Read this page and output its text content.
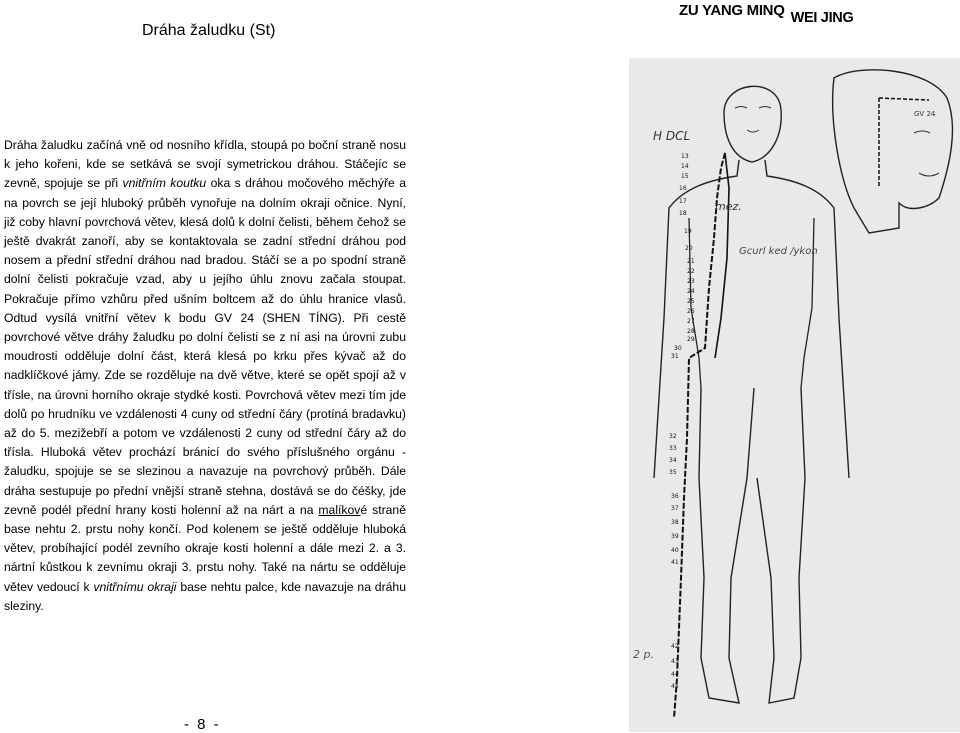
Dráha žaludku (St)
ZU YANG MINQ WEI JING

Dráha žaludku začíná vně od nosního křídla, stoupá po boční straně nosu k jeho kořeni, kde se setkává se svojí symetrickou dráhou. Stáčejíc se zevně, spojuje se při vnitřním koutku oka s dráhou močového měchýře a na povrch se její hluboký průběh vynořuje na dolním okraji očnice. Nyní, již coby hlavní povrchová větev, klesá dolů k dolní čelisti, během čehož se ještě dvakrát zanoří, aby se kontaktovala se zadní střední dráhou pod nosem a přední střední dráhou nad bradou. Stáčí se a po spodní straně dolní čelisti pokračuje vzad, aby u jejího úhlu znovu začala stoupat. Pokračuje přímo vzhůru před ušním boltcem až do úhlu hranice vlasů. Odtud vysílá vnitřní větev k bodu GV 24 (SHEN TÍNG). Při cestě povrchové větve dráhy žaludku po dolní čelisti se z ní asi na úrovni zubu moudrosti odděluje dolní část, která klesá po krku přes kývač až do nadklíčkové jámy. Zde se rozděluje na dvě větve, které se opět spojí až v třísle, na úrovni horního okraje stydké kosti. Povrchová větev mezi tím jde dolů po hrudníku ve vzdálenosti 4 cuny od střední čáry (protíná bradavku) až do 5. mezižebří a potom ve vzdálenosti 2 cuny od střední čáry až do třísla. Hluboká větev prochází bránicí do svého příslušného orgánu - žaludku, spojuje se se slezinou a navazuje na povrchový průběh. Dále dráha sestupuje po přední vnější straně stehna, dostává se do čéšky, jde zevně podél přední hrany kosti holenní až na nárt a na malíkové straně base nehtu 2. prstu nohy končí. Pod kolenem se ještě odděluje hluboká větev, probíhající podél zevního okraje kosti holenní a dále mezi 2. a 3. nártní kůstkou k zevnímu okraji 3. prstu nohy. Také na nártu se odděluje větev vedoucí k vnitřnímu okraji base nehtu palce, kde navazuje na dráhu sleziny.

- 8 -
H DCL
mez.
Gcurl ked /ykon
GV 24
2 p.
13
14
15
16
17
18
19
20
21
22
23
24
25
26
27
28
29
30
31
32
33
34
35
36
37
38
39
40
41
42
43
44
45
